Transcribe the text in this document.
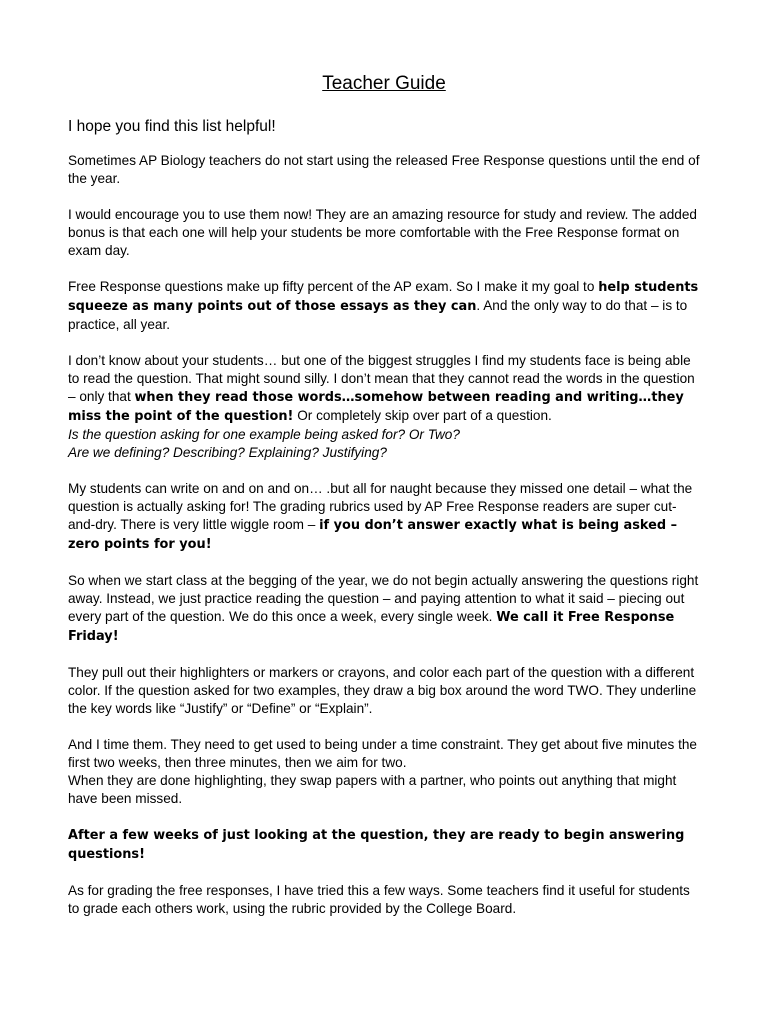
Teacher Guide
I hope you find this list helpful!
Sometimes AP Biology teachers do not start using the released Free Response questions until the end of the year.
I would encourage you to use them now! They are an amazing resource for study and review. The added bonus is that each one will help your students be more comfortable with the Free Response format on exam day.
Free Response questions make up fifty percent of the AP exam. So I make it my goal to help students squeeze as many points out of those essays as they can. And the only way to do that – is to practice, all year.
I don’t know about your students… but one of the biggest struggles I find my students face is being able to read the question. That might sound silly. I don’t mean that they cannot read the words in the question – only that when they read those words…somehow between reading and writing…they miss the point of the question! Or completely skip over part of a question.
Is the question asking for one example being asked for? Or Two?
Are we defining? Describing? Explaining? Justifying?
My students can write on and on and on… .but all for naught because they missed one detail – what the question is actually asking for! The grading rubrics used by AP Free Response readers are super cut-and-dry. There is very little wiggle room – if you don’t answer exactly what is being asked – zero points for you!
So when we start class at the begging of the year, we do not begin actually answering the questions right away. Instead, we just practice reading the question – and paying attention to what it said – piecing out every part of the question. We do this once a week, every single week. We call it Free Response Friday!
They pull out their highlighters or markers or crayons, and color each part of the question with a different color. If the question asked for two examples, they draw a big box around the word TWO. They underline the key words like “Justify” or “Define” or “Explain”.
And I time them. They need to get used to being under a time constraint. They get about five minutes the first two weeks, then three minutes, then we aim for two.
When they are done highlighting, they swap papers with a partner, who points out anything that might have been missed.
After a few weeks of just looking at the question, they are ready to begin answering questions!
As for grading the free responses, I have tried this a few ways. Some teachers find it useful for students to grade each others work, using the rubric provided by the College Board.
